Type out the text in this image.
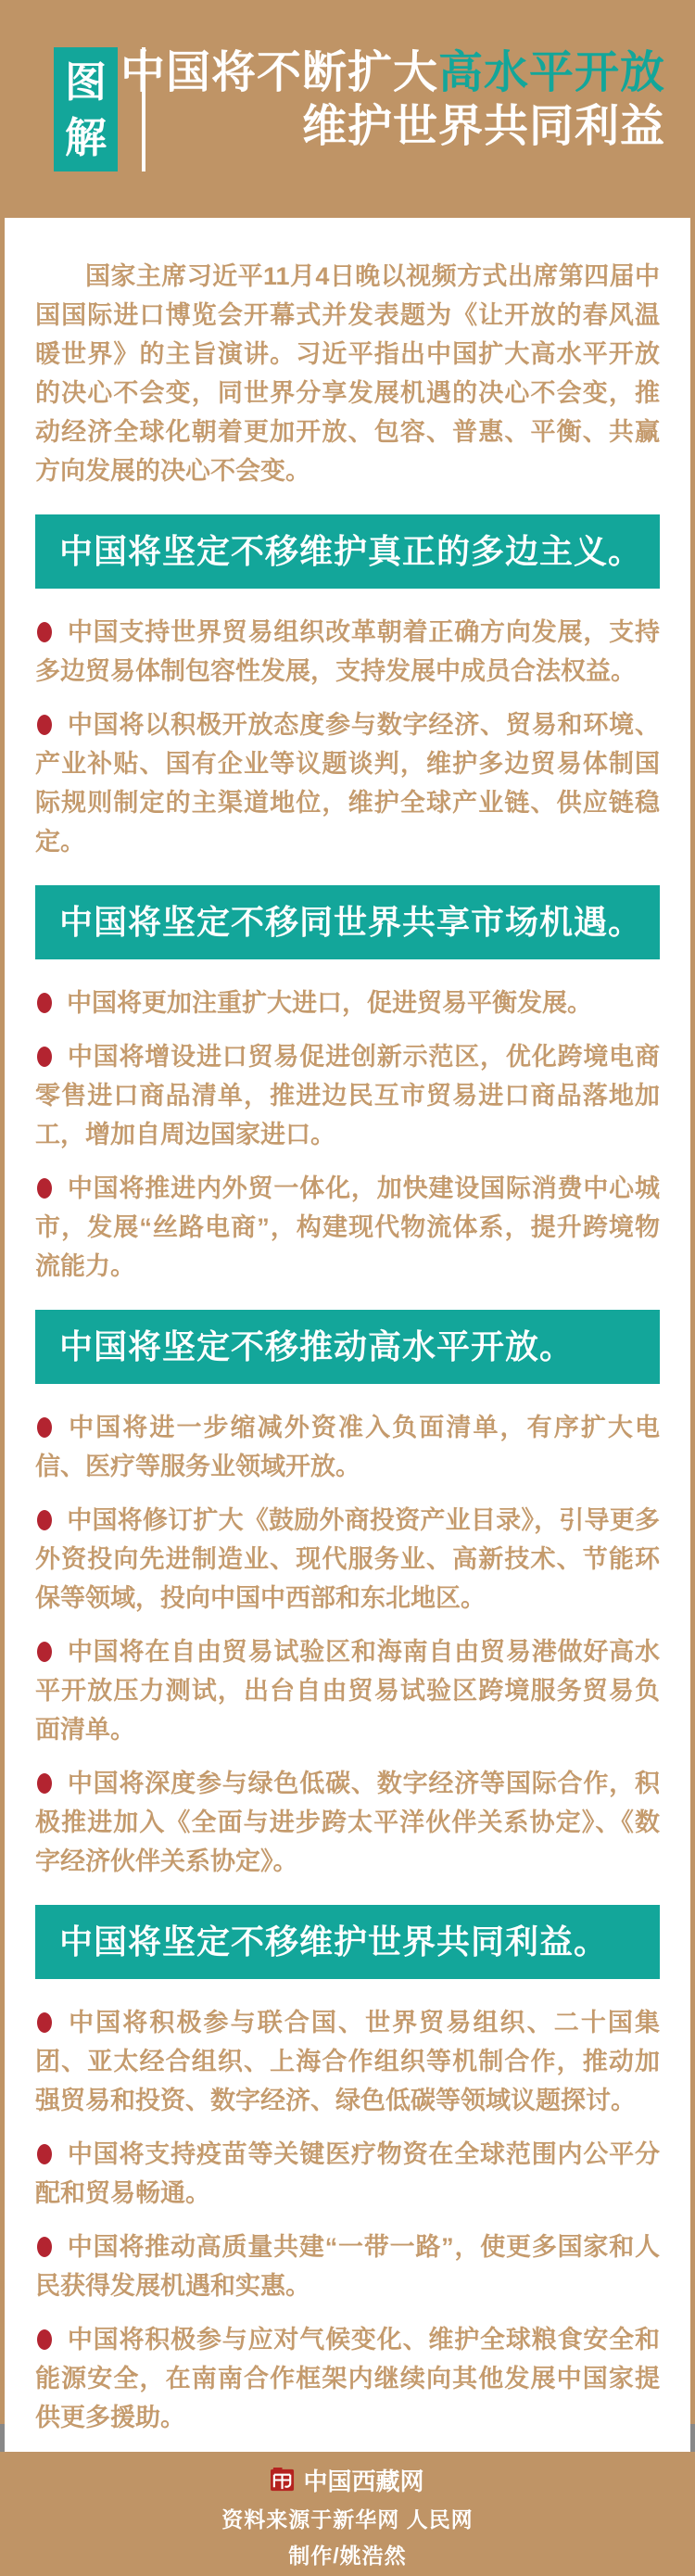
图解
中国将不断扩大高水平开放
维护世界共同利益

国家主席习近平11月4日晚以视频方式出席第四届中国国际进口博览会开幕式并发表题为《让开放的春风温暖世界》的主旨演讲。习近平指出中国扩大高水平开放的决心不会变，同世界分享发展机遇的决心不会变，推动经济全球化朝着更加开放、包容、普惠、平衡、共赢方向发展的决心不会变。

中国将坚定不移维护真正的多边主义。

中国支持世界贸易组织改革朝着正确方向发展，支持多边贸易体制包容性发展，支持发展中成员合法权益。

中国将以积极开放态度参与数字经济、贸易和环境、产业补贴、国有企业等议题谈判，维护多边贸易体制国际规则制定的主渠道地位，维护全球产业链、供应链稳定。

中国将坚定不移同世界共享市场机遇。

中国将更加注重扩大进口，促进贸易平衡发展。

中国将增设进口贸易促进创新示范区，优化跨境电商零售进口商品清单，推进边民互市贸易进口商品落地加工，增加自周边国家进口。

中国将推进内外贸一体化，加快建设国际消费中心城市，发展“丝路电商”，构建现代物流体系，提升跨境物流能力。

中国将坚定不移推动高水平开放。

中国将进一步缩减外资准入负面清单，有序扩大电信、医疗等服务业领域开放。

中国将修订扩大《鼓励外商投资产业目录》，引导更多外资投向先进制造业、现代服务业、高新技术、节能环保等领域，投向中国中西部和东北地区。

中国将在自由贸易试验区和海南自由贸易港做好高水平开放压力测试，出台自由贸易试验区跨境服务贸易负面清单。

中国将深度参与绿色低碳、数字经济等国际合作，积极推进加入《全面与进步跨太平洋伙伴关系协定》、《数字经济伙伴关系协定》。

中国将坚定不移维护世界共同利益。

中国将积极参与联合国、世界贸易组织、二十国集团、亚太经合组织、上海合作组织等机制合作，推动加强贸易和投资、数字经济、绿色低碳等领域议题探讨。

中国将支持疫苗等关键医疗物资在全球范围内公平分配和贸易畅通。

中国将推动高质量共建“一带一路”，使更多国家和人民获得发展机遇和实惠。

中国将积极参与应对气候变化、维护全球粮食安全和能源安全，在南南合作框架内继续向其他发展中国家提供更多援助。

中国西藏网
资料来源于新华网 人民网
制作/姚浩然
